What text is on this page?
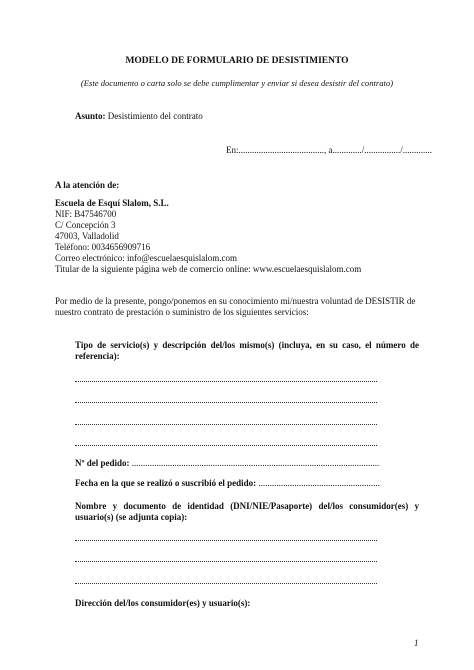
MODELO DE FORMULARIO DE DESISTIMIENTO
(Este documento o carta solo se debe cumplimentar y enviar si desea desistir del contrato)
Asunto: Desistimiento del contrato
En:......................................, a............./................/.............
A la atención de:
Escuela de Esquí Slalom, S.L.
NIF: B47546700
C/ Concepción 3
47003, Valladolid
Teléfono: 0034656909716
Correo electrónico: info@escuelaesquislalom.com
Titular de la siguiente página web de comercio online: www.escuelaesquislalom.com
Por medio de la presente, pongo/ponemos en su conocimiento mi/nuestra voluntad de DESISTIR de
nuestro contrato de prestación o suministro de los siguientes servicios:
Tipo de servicio(s) y descripción del/los mismo(s) (incluya, en su caso, el número de
referencia):
Nº del pedido: ..............................................................................................................
Fecha en la que se realizó o suscribió el pedido: ......................................................
Nombre y documento de identidad (DNI/NIE/Pasaporte) del/los consumidor(es) y
usuario(s) (se adjunta copia):
Dirección del/los consumidor(es) y usuario(s):
1
